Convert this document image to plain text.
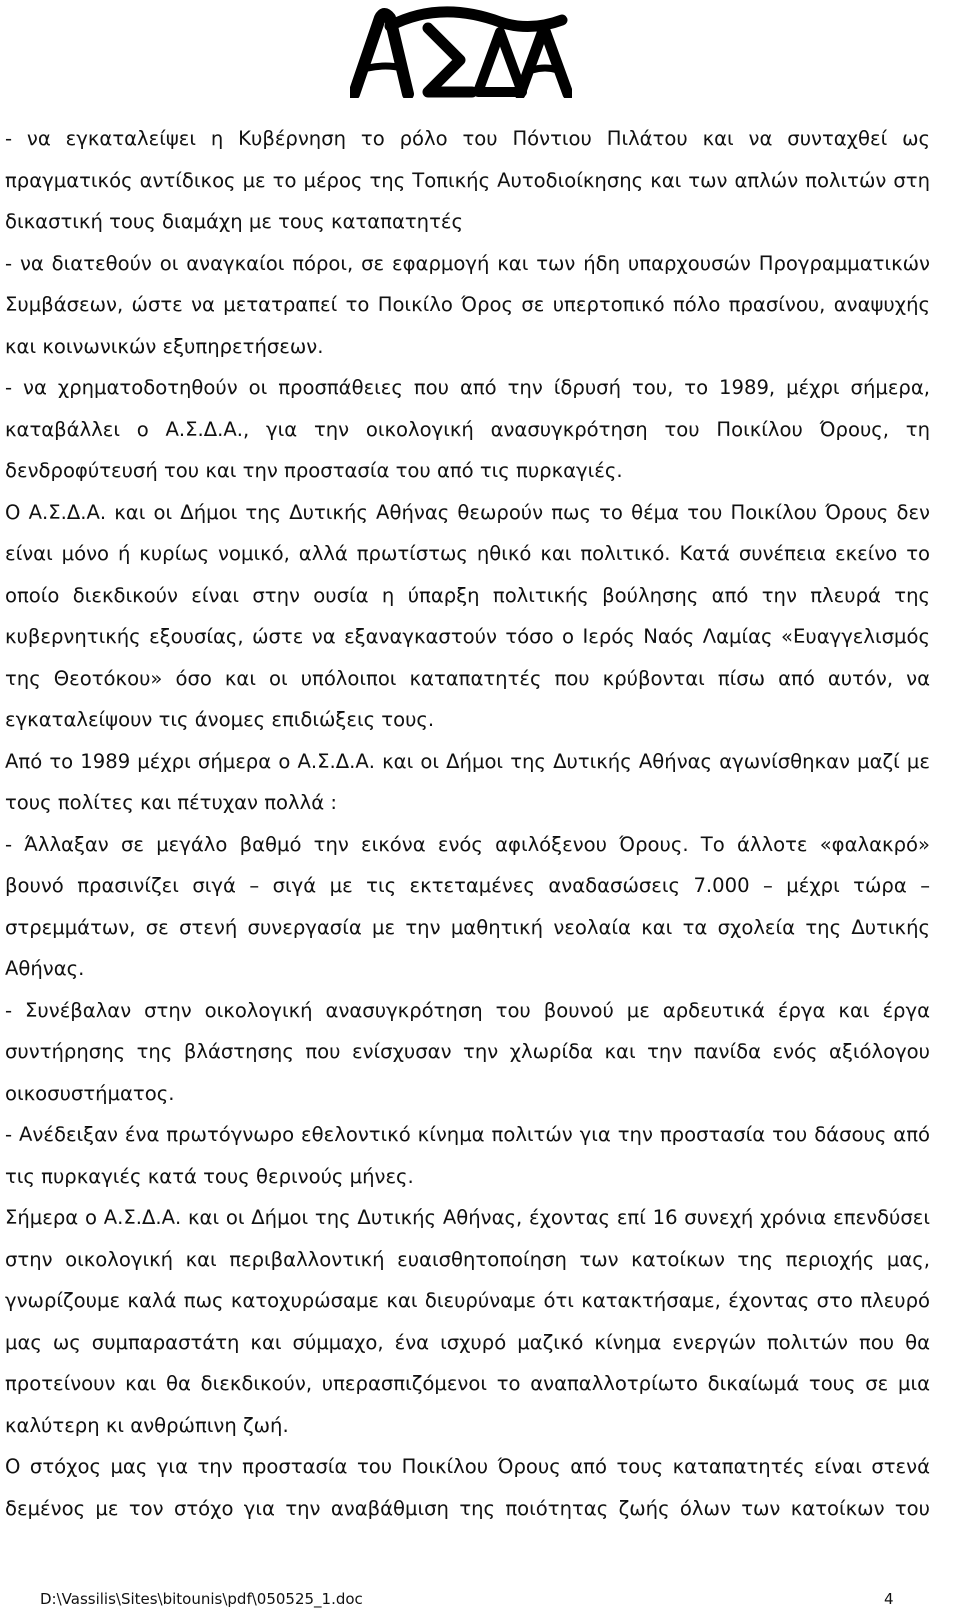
- να εγκαταλείψει η Κυβέρνηση το ρόλο του Πόντιου Πιλάτου και να συνταχθεί ως
πραγματικός αντίδικος με το μέρος της Τοπικής Αυτοδιοίκησης και των απλών πολιτών στη
δικαστική τους διαμάχη με τους καταπατητές
- να διατεθούν οι αναγκαίοι πόροι, σε εφαρμογή και των ήδη υπαρχουσών Προγραμματικών
Συμβάσεων, ώστε να μετατραπεί το Ποικίλο Όρος σε υπερτοπικό πόλο πρασίνου, αναψυχής
και κοινωνικών εξυπηρετήσεων.
- να χρηματοδοτηθούν οι προσπάθειες που από την ίδρυσή του, το 1989, μέχρι σήμερα,
καταβάλλει ο Α.Σ.Δ.Α., για την οικολογική ανασυγκρότηση του Ποικίλου Όρους, τη
δενδροφύτευσή του και την προστασία του από τις πυρκαγιές.
Ο Α.Σ.Δ.Α. και οι Δήμοι της Δυτικής Αθήνας θεωρούν πως το θέμα του Ποικίλου Όρους δεν
είναι μόνο ή κυρίως νομικό, αλλά πρωτίστως ηθικό και πολιτικό. Κατά συνέπεια εκείνο το
οποίο διεκδικούν είναι στην ουσία η ύπαρξη πολιτικής βούλησης από την πλευρά της
κυβερνητικής εξουσίας, ώστε να εξαναγκαστούν τόσο ο Ιερός Ναός Λαμίας «Ευαγγελισμός
της Θεοτόκου» όσο και οι υπόλοιποι καταπατητές που κρύβονται πίσω από αυτόν, να
εγκαταλείψουν τις άνομες επιδιώξεις τους.
Από το 1989 μέχρι σήμερα ο Α.Σ.Δ.Α. και οι Δήμοι της Δυτικής Αθήνας αγωνίσθηκαν μαζί με
τους πολίτες και πέτυχαν πολλά :
- Άλλαξαν σε μεγάλο βαθμό την εικόνα ενός αφιλόξενου Όρους. Το άλλοτε «φαλακρό»
βουνό πρασινίζει σιγά – σιγά με τις εκτεταμένες αναδασώσεις 7.000 – μέχρι τώρα –
στρεμμάτων, σε στενή συνεργασία με την μαθητική νεολαία και τα σχολεία της Δυτικής
Αθήνας.
- Συνέβαλαν στην οικολογική ανασυγκρότηση του βουνού με αρδευτικά έργα και έργα
συντήρησης της βλάστησης που ενίσχυσαν την χλωρίδα και την πανίδα ενός αξιόλογου
οικοσυστήματος.
- Ανέδειξαν ένα πρωτόγνωρο εθελοντικό κίνημα πολιτών για την προστασία του δάσους από
τις πυρκαγιές κατά τους θερινούς μήνες.
Σήμερα ο Α.Σ.Δ.Α. και οι Δήμοι της Δυτικής Αθήνας, έχοντας επί 16 συνεχή χρόνια επενδύσει
στην οικολογική και περιβαλλοντική ευαισθητοποίηση των κατοίκων της περιοχής μας,
γνωρίζουμε καλά πως κατοχυρώσαμε και διευρύναμε ότι κατακτήσαμε, έχοντας στο πλευρό
μας ως συμπαραστάτη και σύμμαχο, ένα ισχυρό μαζικό κίνημα ενεργών πολιτών που θα
προτείνουν και θα διεκδικούν, υπερασπιζόμενοι το αναπαλλοτρίωτο δικαίωμά τους σε μια
καλύτερη κι ανθρώπινη ζωή.
Ο στόχος μας για την προστασία του Ποικίλου Όρους από τους καταπατητές είναι στενά
δεμένος με τον στόχο για την αναβάθμιση της ποιότητας ζωής όλων των κατοίκων του
D:\Vassilis\Sites\bitounis\pdf\050525_1.doc	4
